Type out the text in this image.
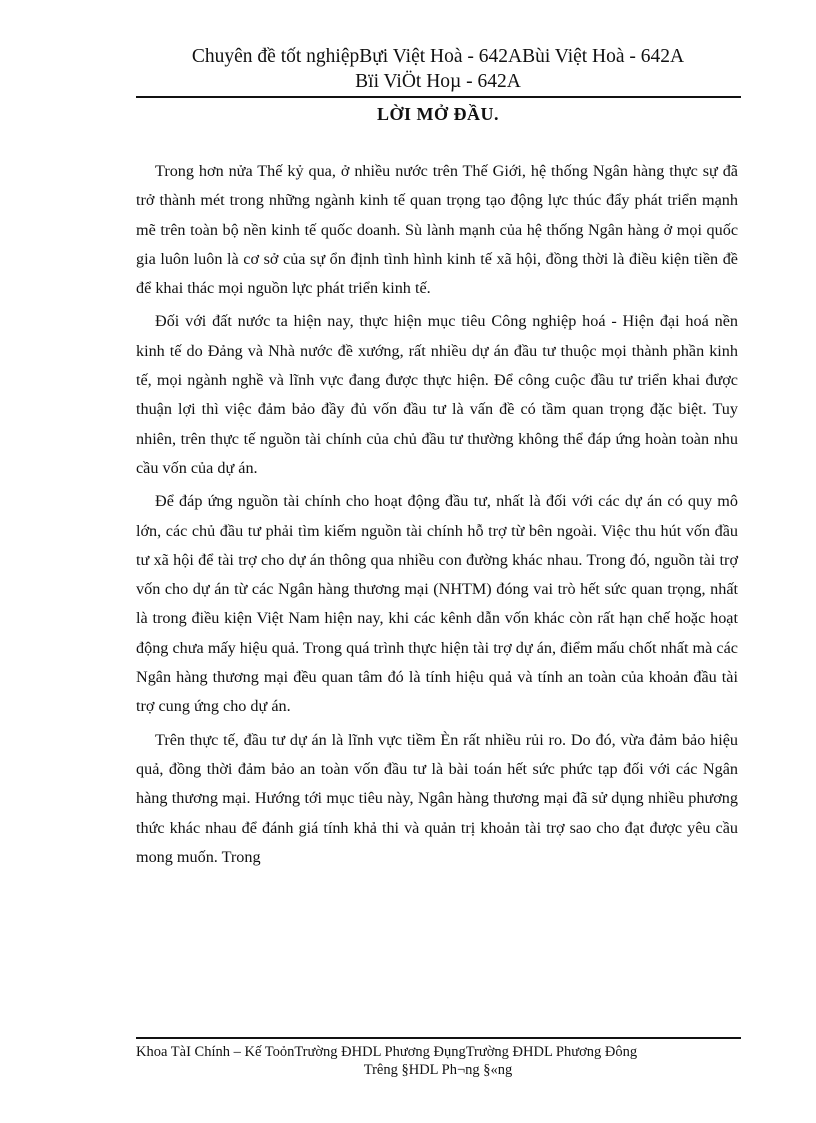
Chuyên đề tốt nghiệpBựi Việt Hoà - 642ABùi Việt Hoà - 642A
Bïi ViÖt Hoµ - 642A
LỜI MỞ ĐẦU.

Trong hơn nửa Thế kỷ qua, ở nhiều nước trên Thế Giới, hệ thống Ngân hàng thực sự đã trở thành mét trong những ngành kinh tế quan trọng tạo động lực thúc đẩy phát triển mạnh mẽ trên toàn bộ nền kinh tế quốc doanh. Sù lành mạnh của hệ thống Ngân hàng ở mọi quốc gia luôn luôn là cơ sở của sự ổn định tình hình kinh tế xã hội, đồng thời là điều kiện tiền đề để khai thác mọi nguồn lực phát triển kinh tế.

Đối với đất nước ta hiện nay, thực hiện mục tiêu Công nghiệp hoá - Hiện đại hoá nền kinh tế do Đảng và Nhà nước đề xướng, rất nhiều dự án đầu tư thuộc mọi thành phần kinh tế, mọi ngành nghề và lĩnh vực đang được thực hiện. Để công cuộc đầu tư triển khai được thuận lợi thì việc đảm bảo đầy đủ vốn đầu tư là vấn đề có tầm quan trọng đặc biệt. Tuy nhiên, trên thực tế nguồn tài chính của chủ đầu tư thường không thể đáp ứng hoàn toàn nhu cầu vốn của dự án.

Để đáp ứng nguồn tài chính cho hoạt động đầu tư, nhất là đối với các dự án có quy mô lớn, các chủ đầu tư phải tìm kiếm nguồn tài chính hỗ trợ từ bên ngoài. Việc thu hút vốn đầu tư xã hội để tài trợ cho dự án thông qua nhiều con đường khác nhau. Trong đó, nguồn tài trợ vốn cho dự án từ các Ngân hàng thương mại (NHTM) đóng vai trò hết sức quan trọng, nhất là trong điều kiện Việt Nam hiện nay, khi các kênh dẫn vốn khác còn rất hạn chế hoặc hoạt động chưa mấy hiệu quả. Trong quá trình thực hiện tài trợ dự án, điểm mấu chốt nhất mà các Ngân hàng thương mại đều quan tâm đó là tính hiệu quả và tính an toàn của khoản đầu tài trợ cung ứng cho dự án.

Trên thực tế, đầu tư dự án là lĩnh vực tiềm Èn rất nhiều rủi ro. Do đó, vừa đảm bảo hiệu quả, đồng thời đảm bảo an toàn vốn đầu tư là bài toán hết sức phức tạp đối với các Ngân hàng thương mại. Hướng tới mục tiêu này, Ngân hàng thương mại đã sử dụng nhiều phương thức khác nhau để đánh giá tính khả thi và quản trị khoản tài trợ sao cho đạt được yêu cầu mong muốn. Trong

Khoa TàI Chính – Kế ToỏnTrường ĐHDL Phương ĐụngTrường ĐHDL Phương Đông
Trêng §HDL Ph¬ng §«ng
